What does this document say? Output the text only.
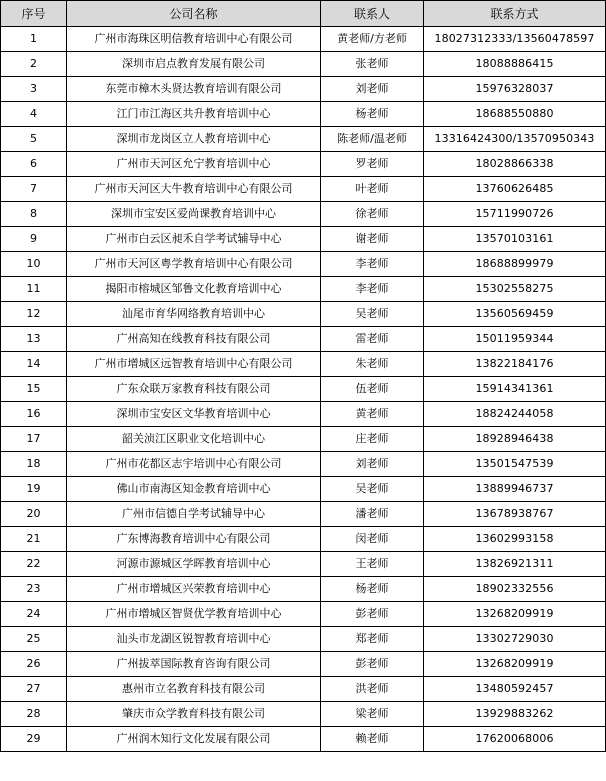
序号	公司名称	联系人	联系方式
1	广州市海珠区明信教育培训中心有限公司	黄老师/方老师	18027312333/13560478597
2	深圳市启点教育发展有限公司	张老师	18088886415
3	东莞市樟木头贤达教育培训有限公司	刘老师	15976328037
4	江门市江海区共升教育培训中心	杨老师	18688550880
5	深圳市龙岗区立人教育培训中心	陈老师/温老师	13316424300/13570950343
6	广州市天河区允宁教育培训中心	罗老师	18028866338
7	广州市天河区大牛教育培训中心有限公司	叶老师	13760626485
8	深圳市宝安区爱尚课教育培训中心	徐老师	15711990726
9	广州市白云区昶禾自学考试辅导中心	谢老师	13570103161
10	广州市天河区粤学教育培训中心有限公司	李老师	18688899979
11	揭阳市榕城区邹鲁文化教育培训中心	李老师	15302558275
12	汕尾市育华网络教育培训中心	吴老师	13560569459
13	广州高知在线教育科技有限公司	雷老师	15011959344
14	广州市增城区远智教育培训中心有限公司	朱老师	13822184176
15	广东众联万家教育科技有限公司	伍老师	15914341361
16	深圳市宝安区文华教育培训中心	黄老师	18824244058
17	韶关浈江区职业文化培训中心	庄老师	18928946438
18	广州市花都区志宇培训中心有限公司	刘老师	13501547539
19	佛山市南海区知金教育培训中心	吴老师	13889946737
20	广州市信德自学考试辅导中心	潘老师	13678938767
21	广东博海教育培训中心有限公司	闵老师	13602993158
22	河源市源城区学晖教育培训中心	王老师	13826921311
23	广州市增城区兴荣教育培训中心	杨老师	18902332556
24	广州市增城区智贤优学教育培训中心	彭老师	13268209919
25	汕头市龙湖区锐智教育培训中心	郑老师	13302729030
26	广州拔萃国际教育咨询有限公司	彭老师	13268209919
27	惠州市立名教育科技有限公司	洪老师	13480592457
28	肇庆市众学教育科技有限公司	梁老师	13929883262
29	广州润木知行文化发展有限公司	赖老师	17620068006
